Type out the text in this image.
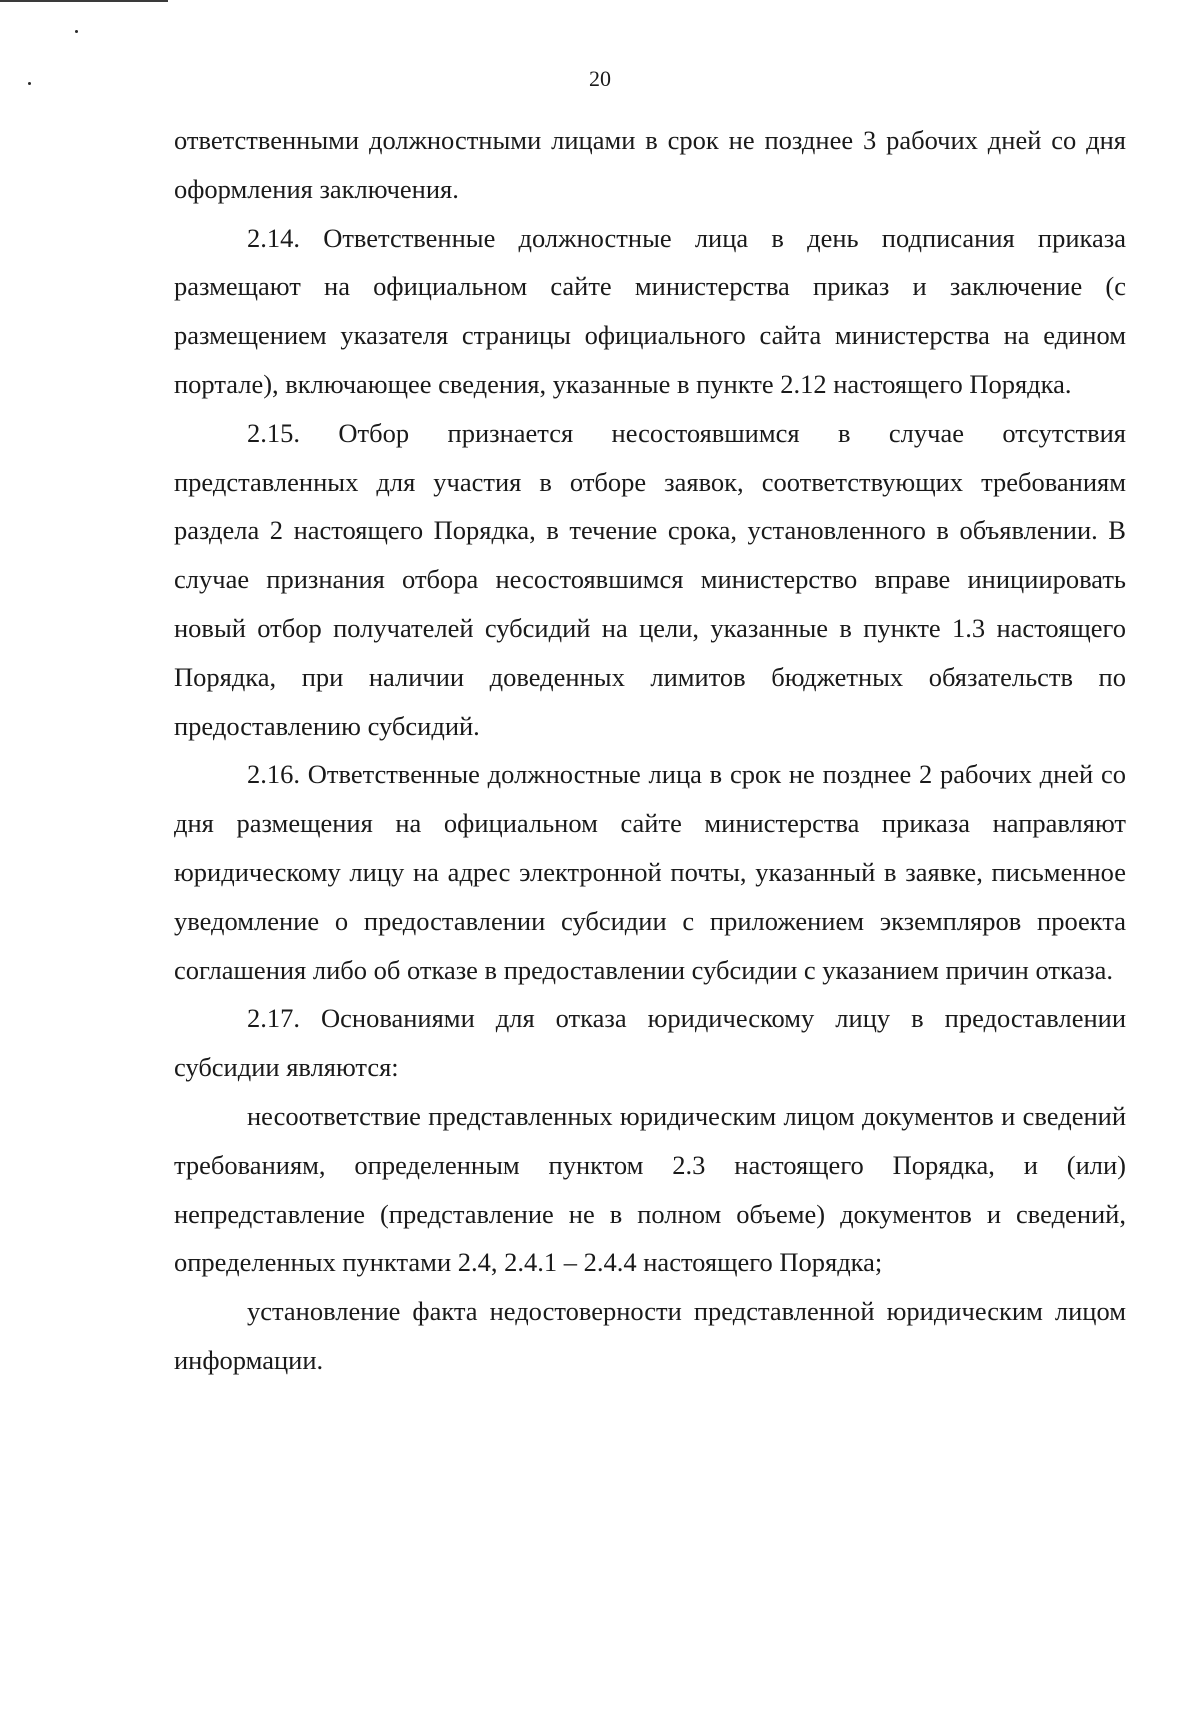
20

ответственными должностными лицами в срок не позднее 3 рабочих дней со дня оформления заключения.

2.14. Ответственные должностные лица в день подписания приказа размещают на официальном сайте министерства приказ и заключение (с размещением указателя страницы официального сайта министерства на едином портале), включающее сведения, указанные в пункте 2.12 настоящего Порядка.

2.15. Отбор признается несостоявшимся в случае отсутствия представленных для участия в отборе заявок, соответствующих требованиям раздела 2 настоящего Порядка, в течение срока, установленного в объявлении. В случае признания отбора несостоявшимся министерство вправе инициировать новый отбор получателей субсидий на цели, указанные в пункте 1.3 настоящего Порядка, при наличии доведенных лимитов бюджетных обязательств по предоставлению субсидий.

2.16. Ответственные должностные лица в срок не позднее 2 рабочих дней со дня размещения на официальном сайте министерства приказа направляют юридическому лицу на адрес электронной почты, указанный в заявке, письменное уведомление о предоставлении субсидии с приложением экземпляров проекта соглашения либо об отказе в предоставлении субсидии с указанием причин отказа.

2.17. Основаниями для отказа юридическому лицу в предоставлении субсидии являются:

несоответствие представленных юридическим лицом документов и сведений требованиям, определенным пунктом 2.3 настоящего Порядка, и (или) непредставление (представление не в полном объеме) документов и сведений, определенных пунктами 2.4, 2.4.1 – 2.4.4 настоящего Порядка;

установление факта недостоверности представленной юридическим лицом информации.
